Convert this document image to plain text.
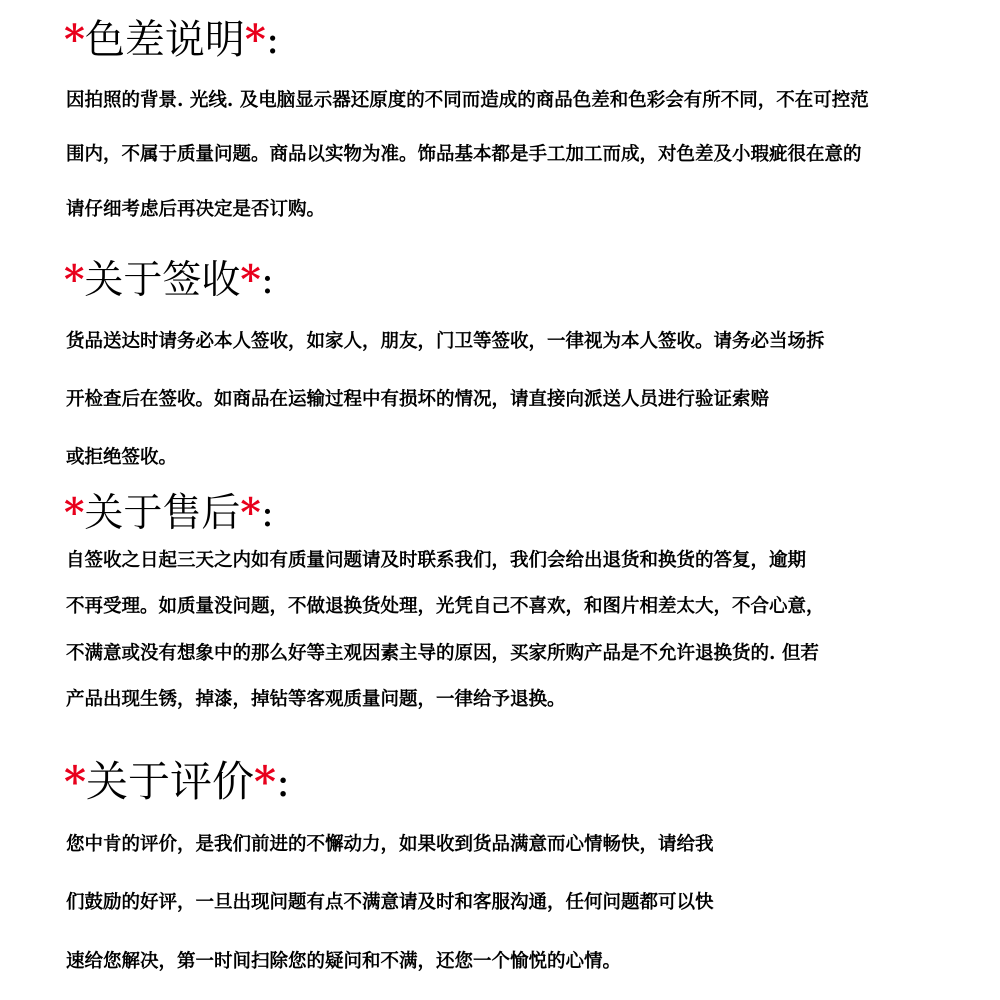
*色差说明*:
因拍照的背景. 光线. 及电脑显示器还原度的不同而造成的商品色差和色彩会有所不同，不在可控范
围内，不属于质量问题。商品以实物为准。饰品基本都是手工加工而成，对色差及小瑕疵很在意的
请仔细考虑后再决定是否订购。
*关于签收*:
货品送达时请务必本人签收，如家人，朋友，门卫等签收，一律视为本人签收。请务必当场拆
开检查后在签收。如商品在运输过程中有损坏的情况，请直接向派送人员进行验证索赔
或拒绝签收。
*关于售后*:
自签收之日起三天之内如有质量问题请及时联系我们，我们会给出退货和换货的答复，逾期
不再受理。如质量没问题，不做退换货处理，光凭自己不喜欢，和图片相差太大，不合心意，
不满意或没有想象中的那么好等主观因素主导的原因，买家所购产品是不允许退换货的. 但若
产品出现生锈，掉漆，掉钻等客观质量问题，一律给予退换。
*关于评价*:
您中肯的评价，是我们前进的不懈动力，如果收到货品满意而心情畅快，请给我
们鼓励的好评，一旦出现问题有点不满意请及时和客服沟通，任何问题都可以快
速给您解决，第一时间扫除您的疑问和不满，还您一个愉悦的心情。
